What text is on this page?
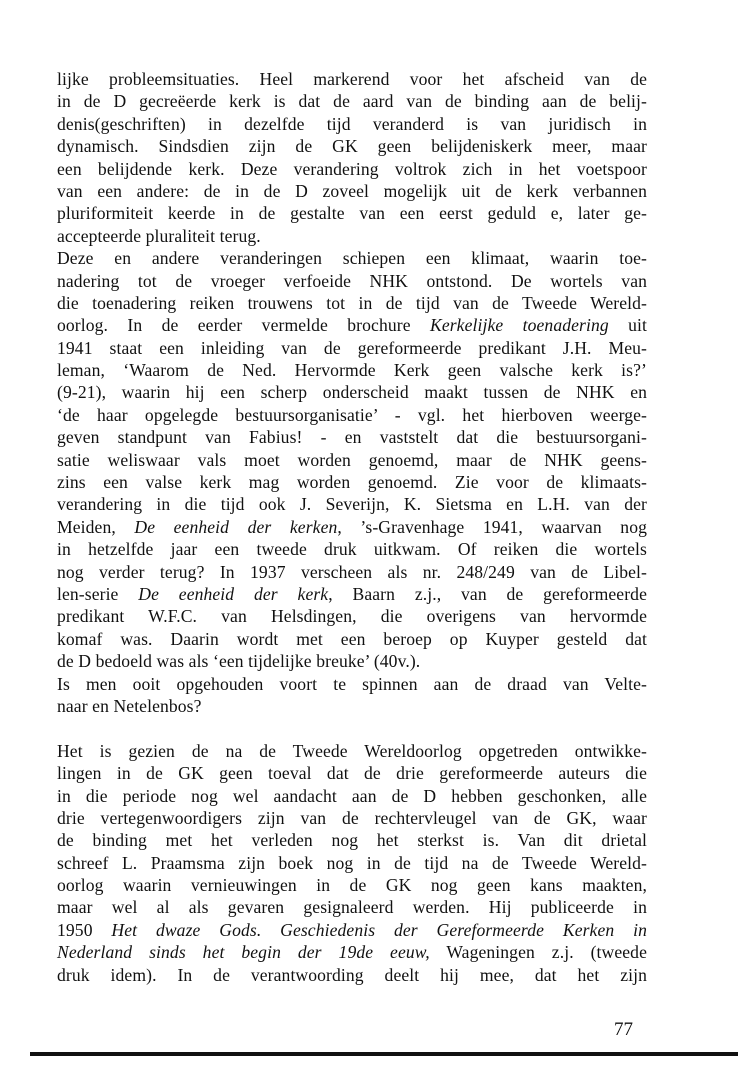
lijke probleemsituaties. Heel markerend voor het afscheid van de
in de D gecreëerde kerk is dat de aard van de binding aan de belij-
denis(geschriften) in dezelfde tijd veranderd is van juridisch in
dynamisch. Sindsdien zijn de GK geen belijdeniskerk meer, maar
een belijdende kerk. Deze verandering voltrok zich in het voetspoor
van een andere: de in de D zoveel mogelijk uit de kerk verbannen
pluriformiteit keerde in de gestalte van een eerst geduld e, later ge-
accepteerde pluraliteit terug.
Deze en andere veranderingen schiepen een klimaat, waarin toe-
nadering tot de vroeger verfoeide NHK ontstond. De wortels van
die toenadering reiken trouwens tot in de tijd van de Tweede Wereld-
oorlog. In de eerder vermelde brochure Kerkelijke toenadering uit
1941 staat een inleiding van de gereformeerde predikant J.H. Meu-
leman, ‘Waarom de Ned. Hervormde Kerk geen valsche kerk is?’
(9-21), waarin hij een scherp onderscheid maakt tussen de NHK en
‘de haar opgelegde bestuursorganisatie’ - vgl. het hierboven weerge-
geven standpunt van Fabius! - en vaststelt dat die bestuursorgani-
satie weliswaar vals moet worden genoemd, maar de NHK geens-
zins een valse kerk mag worden genoemd. Zie voor de klimaats-
verandering in die tijd ook J. Severijn, K. Sietsma en L.H. van der
Meiden, De eenheid der kerken, ’s-Gravenhage 1941, waarvan nog
in hetzelfde jaar een tweede druk uitkwam. Of reiken die wortels
nog verder terug? In 1937 verscheen als nr. 248/249 van de Libel-
len-serie De eenheid der kerk, Baarn z.j., van de gereformeerde
predikant W.F.C. van Helsdingen, die overigens van hervormde
komaf was. Daarin wordt met een beroep op Kuyper gesteld dat
de D bedoeld was als ‘een tijdelijke breuke’ (40v.).
Is men ooit opgehouden voort te spinnen aan de draad van Velte-
naar en Netelenbos?
Het is gezien de na de Tweede Wereldoorlog opgetreden ontwikke-
lingen in de GK geen toeval dat de drie gereformeerde auteurs die
in die periode nog wel aandacht aan de D hebben geschonken, alle
drie vertegenwoordigers zijn van de rechtervleugel van de GK, waar
de binding met het verleden nog het sterkst is. Van dit drietal
schreef L. Praamsma zijn boek nog in de tijd na de Tweede Wereld-
oorlog waarin vernieuwingen in de GK nog geen kans maakten,
maar wel al als gevaren gesignaleerd werden. Hij publiceerde in
1950 Het dwaze Gods. Geschiedenis der Gereformeerde Kerken in
Nederland sinds het begin der 19de eeuw, Wageningen z.j. (tweede
druk idem). In de verantwoording deelt hij mee, dat het zijn
77
